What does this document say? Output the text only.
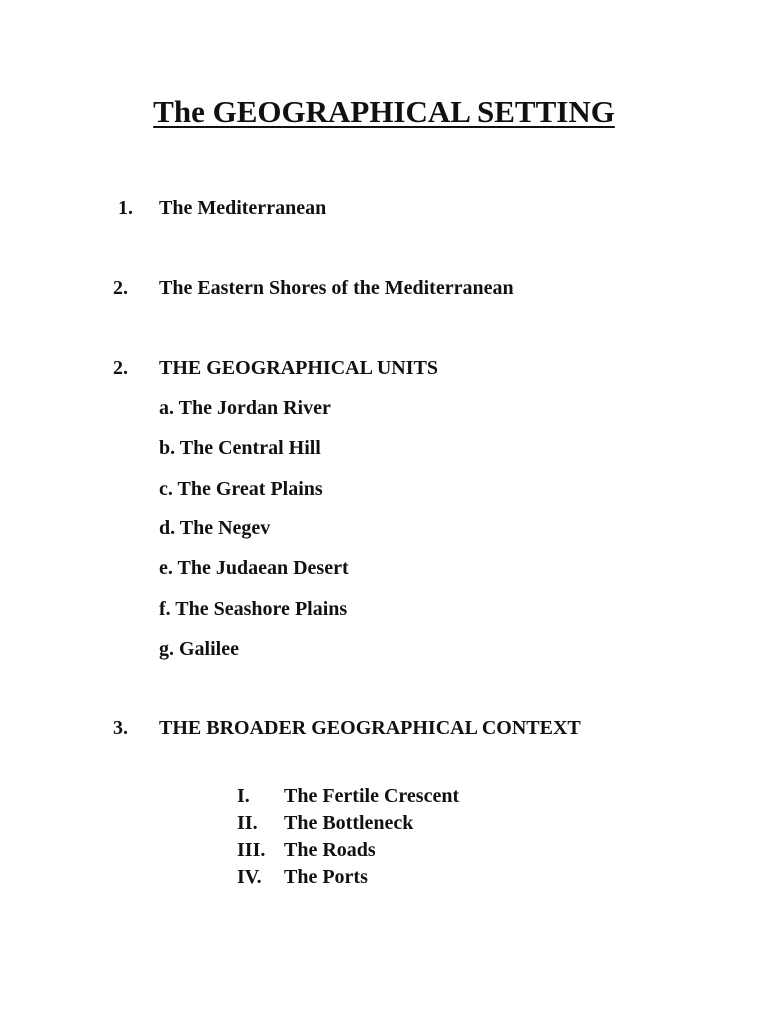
The GEOGRAPHICAL SETTING
1. The Mediterranean
2. The Eastern Shores of the Mediterranean
2. THE GEOGRAPHICAL UNITS
a. The Jordan River
b. The Central Hill
c. The Great Plains
d. The Negev
e. The Judaean Desert
f. The Seashore Plains
g. Galilee
3. THE BROADER GEOGRAPHICAL CONTEXT
I. The Fertile Crescent
II. The Bottleneck
III. The Roads
IV. The Ports
